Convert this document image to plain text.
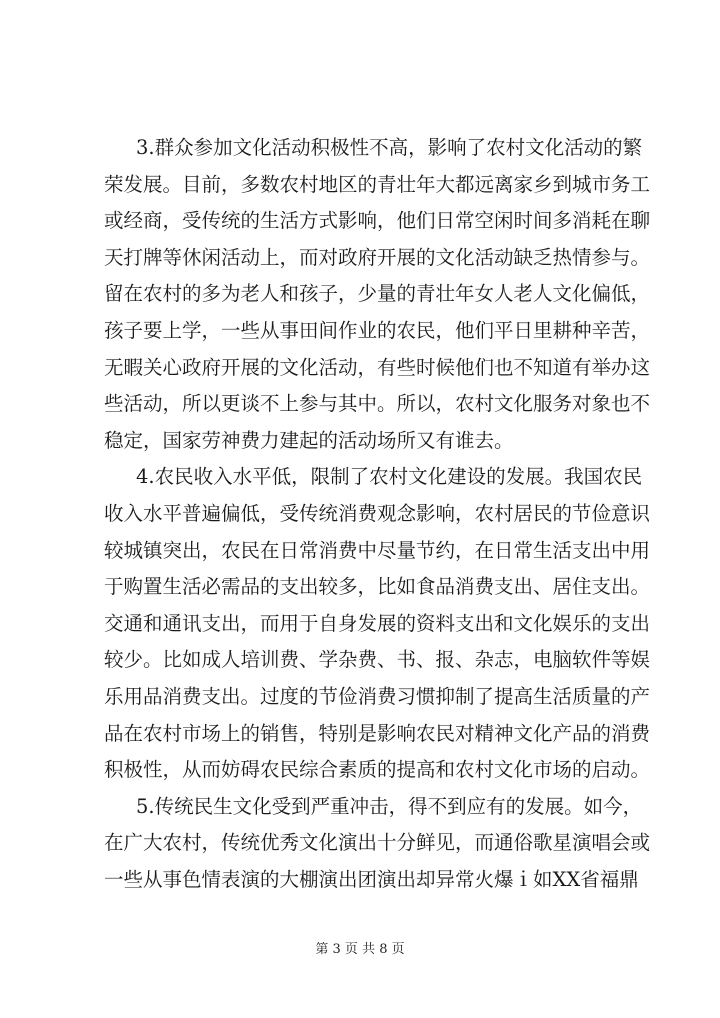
3.群众参加文化活动积极性不高，影响了农村文化活动的繁
荣发展。目前，多数农村地区的青壮年大都远离家乡到城市务工
或经商，受传统的生活方式影响，他们日常空闲时间多消耗在聊
天打牌等休闲活动上，而对政府开展的文化活动缺乏热情参与。
留在农村的多为老人和孩子，少量的青壮年女人老人文化偏低，
孩子要上学，一些从事田间作业的农民，他们平日里耕种辛苦，
无暇关心政府开展的文化活动，有些时候他们也不知道有举办这
些活动，所以更谈不上参与其中。所以，农村文化服务对象也不
稳定，国家劳神费力建起的活动场所又有谁去。
4.农民收入水平低，限制了农村文化建设的发展。我国农民
收入水平普遍偏低，受传统消费观念影响，农村居民的节俭意识
较城镇突出，农民在日常消费中尽量节约，在日常生活支出中用
于购置生活必需品的支出较多，比如食品消费支出、居住支出。
交通和通讯支出，而用于自身发展的资料支出和文化娱乐的支出
较少。比如成人培训费、学杂费、书、报、杂志，电脑软件等娱
乐用品消费支出。过度的节俭消费习惯抑制了提高生活质量的产
品在农村市场上的销售，特别是影响农民对精神文化产品的消费
积极性，从而妨碍农民综合素质的提高和农村文化市场的启动。
5.传统民生文化受到严重冲击，得不到应有的发展。如今，
在广大农村，传统优秀文化演出十分鲜见，而通俗歌星演唱会或
一些从事色情表演的大棚演出团演出却异常火爆ｉ如XX省福鼎
第 3 页 共 8 页
